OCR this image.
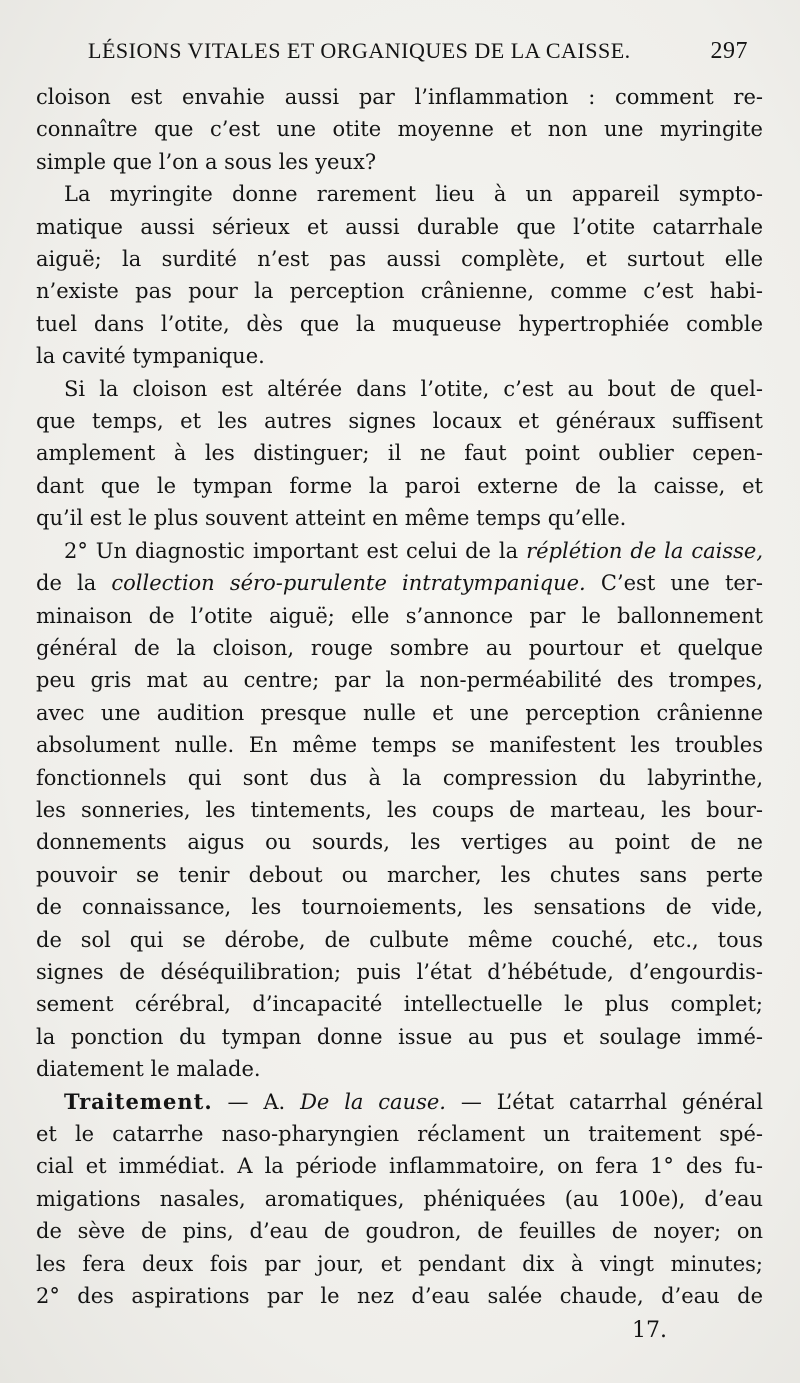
LÉSIONS VITALES ET ORGANIQUES DE LA CAISSE.	297

cloison est envahie aussi par l’inflammation : comment re-
connaître que c’est une otite moyenne et non une myringite
simple que l’on a sous les yeux?

La myringite donne rarement lieu à un appareil sympto-
matique aussi sérieux et aussi durable que l’otite catarrhale
aiguë; la surdité n’est pas aussi complète, et surtout elle
n’existe pas pour la perception crânienne, comme c’est habi-
tuel dans l’otite, dès que la muqueuse hypertrophiée comble
la cavité tympanique.

Si la cloison est altérée dans l’otite, c’est au bout de quel-
que temps, et les autres signes locaux et généraux suffisent
amplement à les distinguer; il ne faut point oublier cepen-
dant que le tympan forme la paroi externe de la caisse, et
qu’il est le plus souvent atteint en même temps qu’elle.

2° Un diagnostic important est celui de la réplétion de la caisse,
de la collection séro-purulente intratympanique. C’est une ter-
minaison de l’otite aiguë; elle s’annonce par le ballonnement
général de la cloison, rouge sombre au pourtour et quelque
peu gris mat au centre; par la non-perméabilité des trompes,
avec une audition presque nulle et une perception crânienne
absolument nulle. En même temps se manifestent les troubles
fonctionnels qui sont dus à la compression du labyrinthe,
les sonneries, les tintements, les coups de marteau, les bour-
donnements aigus ou sourds, les vertiges au point de ne
pouvoir se tenir debout ou marcher, les chutes sans perte
de connaissance, les tournoiements, les sensations de vide,
de sol qui se dérobe, de culbute même couché, etc., tous
signes de déséquilibration; puis l’état d’hébétude, d’engourdis-
sement cérébral, d’incapacité intellectuelle le plus complet;
la ponction du tympan donne issue au pus et soulage immé-
diatement le malade.

Traitement. — A. De la cause. — L’état catarrhal général
et le catarrhe naso-pharyngien réclament un traitement spé-
cial et immédiat. A la période inflammatoire, on fera 1° des fu-
migations nasales, aromatiques, phéniquées (au 100e), d’eau
de sève de pins, d’eau de goudron, de feuilles de noyer; on
les fera deux fois par jour, et pendant dix à vingt minutes;
2° des aspirations par le nez d’eau salée chaude, d’eau de

17.
